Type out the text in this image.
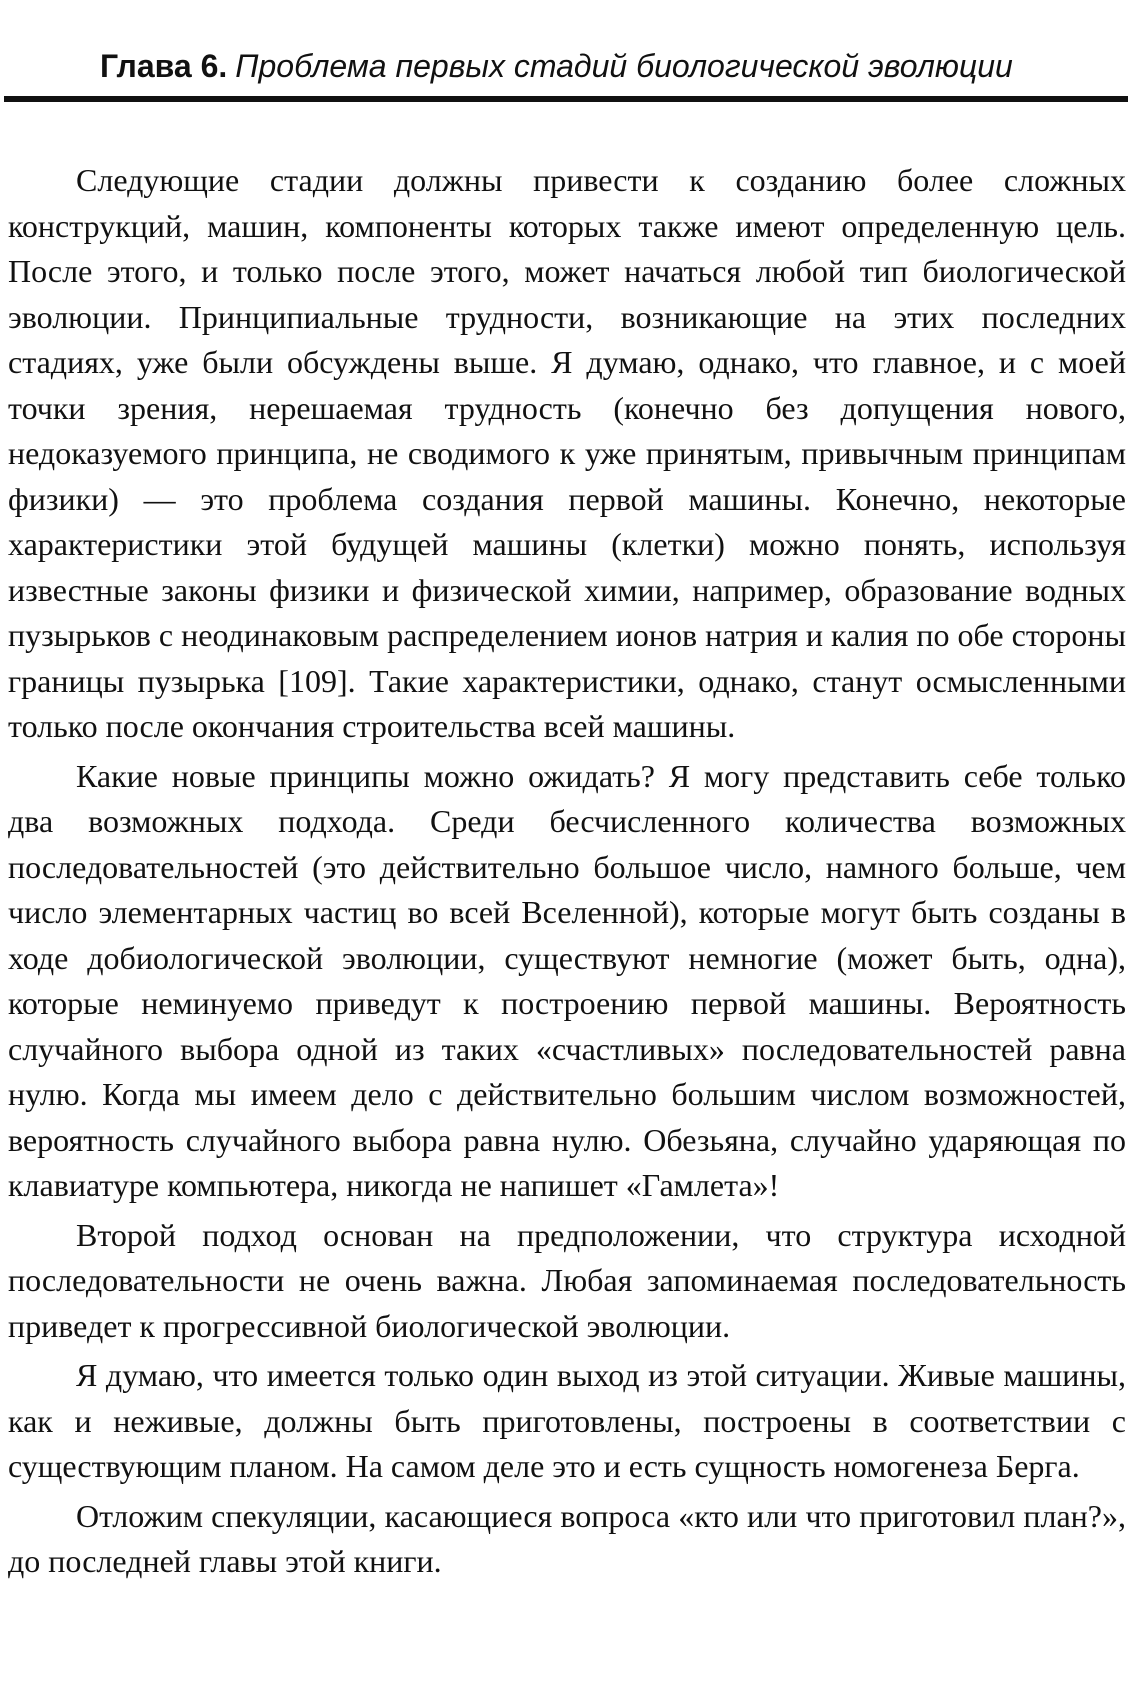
Глава 6. Проблема первых стадий биологической эволюции

Следующие стадии должны привести к созданию более сложных конструкций, машин, компоненты которых также имеют определенную цель. После этого, и только после этого, может начаться любой тип биологической эволюции. Принципиальные трудности, возникающие на этих последних стадиях, уже были обсуждены выше. Я думаю, однако, что главное, и с моей точки зрения, нерешаемая трудность (конечно без допущения нового, недоказуемого принципа, не сводимого к уже принятым, привычным принципам физики) — это проблема создания первой машины. Конечно, некоторые характеристики этой будущей машины (клетки) можно понять, используя известные законы физики и физической химии, например, образование водных пузырьков с неодинаковым распределением ионов натрия и калия по обе стороны границы пузырька [109]. Такие характеристики, однако, станут осмысленными только после окончания строительства всей машины.

Какие новые принципы можно ожидать? Я могу представить себе только два возможных подхода. Среди бесчисленного количества возможных последовательностей (это действительно большое число, намного больше, чем число элементарных частиц во всей Вселенной), которые могут быть созданы в ходе добиологической эволюции, существуют немногие (может быть, одна), которые неминуемо приведут к построению первой машины. Вероятность случайного выбора одной из таких «счастливых» последовательностей равна нулю. Когда мы имеем дело с действительно большим числом возможностей, вероятность случайного выбора равна нулю. Обезьяна, случайно ударяющая по клавиатуре компьютера, никогда не напишет «Гамлета»!

Второй подход основан на предположении, что структура исходной последовательности не очень важна. Любая запоминаемая последовательность приведет к прогрессивной биологической эволюции.

Я думаю, что имеется только один выход из этой ситуации. Живые машины, как и неживые, должны быть приготовлены, построены в соответствии с существующим планом. На самом деле это и есть сущность номогенеза Берга.

Отложим спекуляции, касающиеся вопроса «кто или что приготовил план?», до последней главы этой книги.
